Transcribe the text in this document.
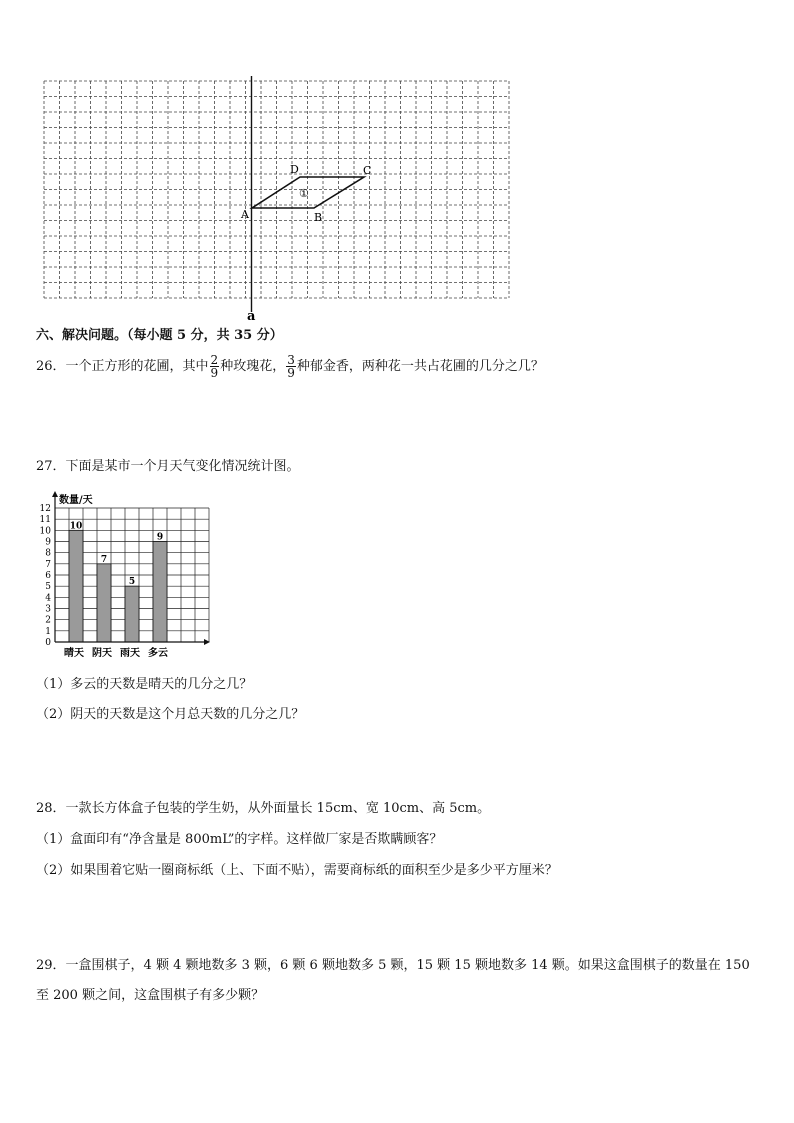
A	B
C
D
①
a
六、解决问题。（每小题 5 分，共 35 分）
26．一个正方形的花圃，其中 $\frac{2}{9}$ 种玫瑰花， $\frac{3}{9}$ 种郁金香，两种花一共占花圃的几分之几？
27．下面是某市一个月天气变化情况统计图。
0
1
2
3
4
5
6
7
8
9
10
11
12
10
7
5
9
晴天 阴天 雨天 多云
数量/天
（1）多云的天数是晴天的几分之几？
（2）阴天的天数是这个月总天数的几分之几？
28．一款长方体盒子包装的学生奶，从外面量长 15cm、宽 10cm、高 5cm。
（1）盒面印有“净含量是 800mL”的字样。这样做厂家是否欺瞒顾客？
（2）如果围着它贴一圈商标纸（上、下面不贴），需要商标纸的面积至少是多少平方厘米？
29．一盒围棋子，4 颗 4 颗地数多 3 颗，6 颗 6 颗地数多 5 颗，15 颗 15 颗地数多 14 颗。如果这盒围棋子的数量在 150
至 200 颗之间，这盒围棋子有多少颗？
